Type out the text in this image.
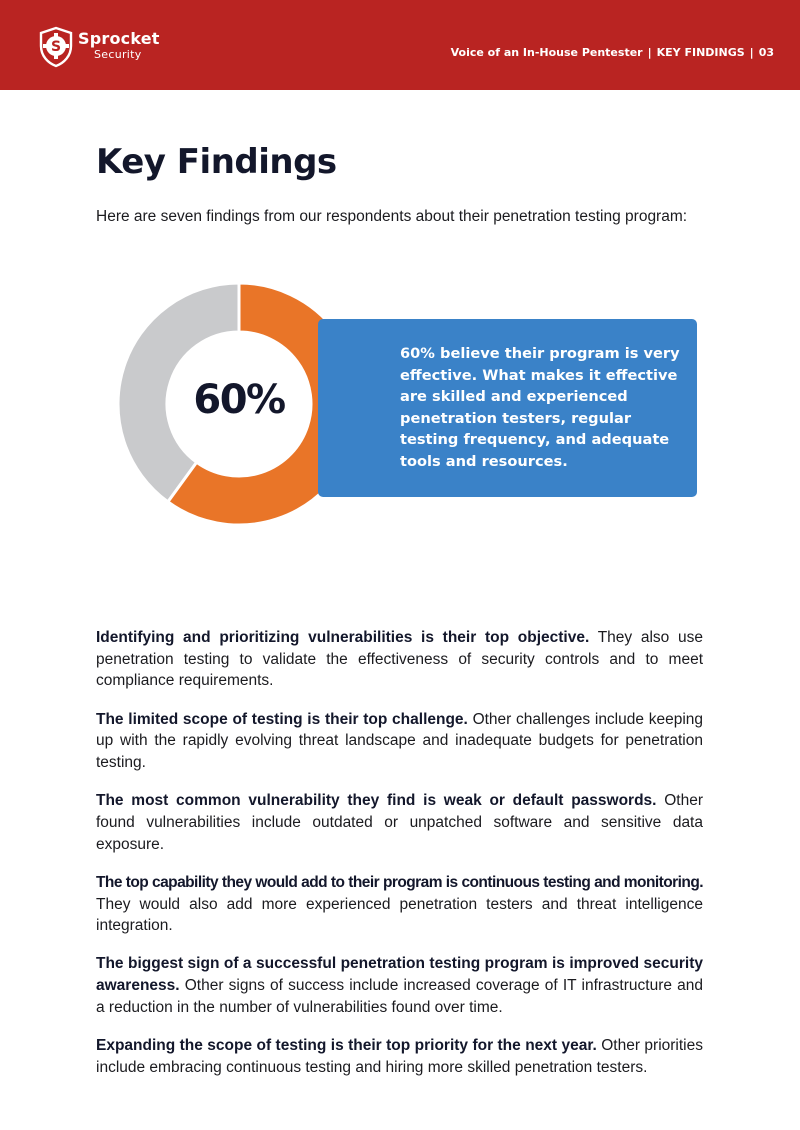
S Sprocket
Security	Voice of an In-House Pentester | KEY FINDINGS | 03
Key Findings

Here are seven findings from our respondents about their penetration testing program:

60% believe their program is very effective. What makes it effective are skilled and experienced penetration testers, regular testing frequency, and adequate tools and resources.

60%

Identifying and prioritizing vulnerabilities is their top objective. They also use penetration testing to validate the effectiveness of security controls and to meet compliance requirements.

The limited scope of testing is their top challenge. Other challenges include keeping up with the rapidly evolving threat landscape and inadequate budgets for penetration testing.

The most common vulnerability they find is weak or default passwords. Other found vulnerabilities include outdated or unpatched software and sensitive data exposure.

The top capability they would add to their program is continuous testing and monitoring. They would also add more experienced penetration testers and threat intelligence integration.

The biggest sign of a successful penetration testing program is improved security awareness. Other signs of success include increased coverage of IT infrastructure and a reduction in the number of vulnerabilities found over time.

Expanding the scope of testing is their top priority for the next year. Other priorities include embracing continuous testing and hiring more skilled penetration testers.
